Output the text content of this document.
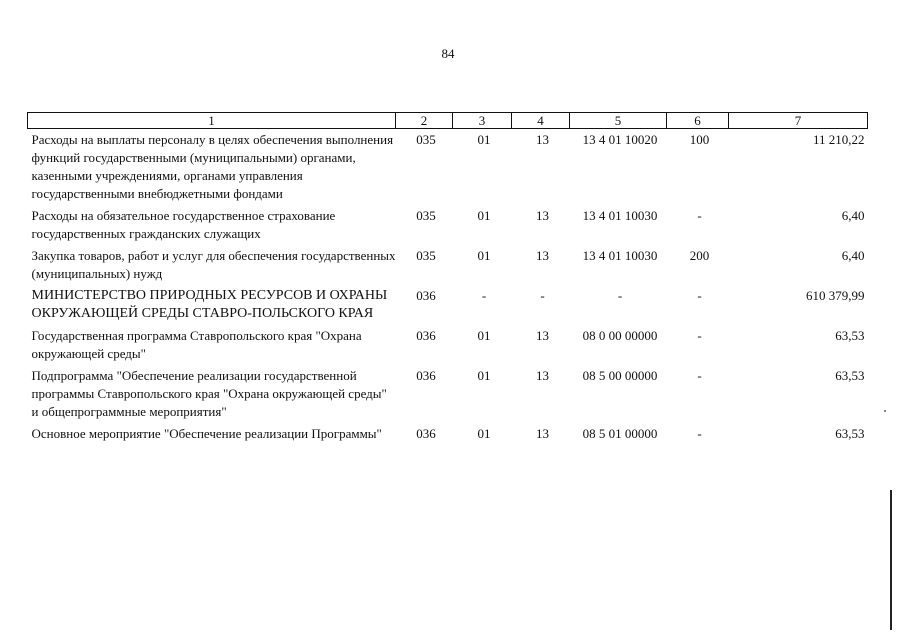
84
1	2	3	4	5	6	7
Расходы на выплаты персоналу в целях обеспечения выполнения функций государственными (муниципальными) органами, казенными учреждениями, органами управления государственными внебюджетными фондами	035	01	13	13 4 01 10020	100	11 210,22
Расходы на обязательное государственное страхование государственных гражданских служащих	035	01	13	13 4 01 10030	-	6,40
Закупка товаров, работ и услуг для обеспечения государственных (муниципальных) нужд	035	01	13	13 4 01 10030	200	6,40
МИНИСТЕРСТВО ПРИРОДНЫХ РЕСУРСОВ И ОХРАНЫ ОКРУЖАЮЩЕЙ СРЕДЫ СТАВРО-ПОЛЬСКОГО КРАЯ	036	-	-	-	-	610 379,99
Государственная программа Ставропольского края "Охрана окружающей среды"	036	01	13	08 0 00 00000	-	63,53
Подпрограмма "Обеспечение реализации государственной программы Ставропольского края "Охрана окружающей среды" и общепрограммные мероприятия"	036	01	13	08 5 00 00000	-	63,53
Основное мероприятие "Обеспечение реализации Программы"	036	01	13	08 5 01 00000	-	63,53
